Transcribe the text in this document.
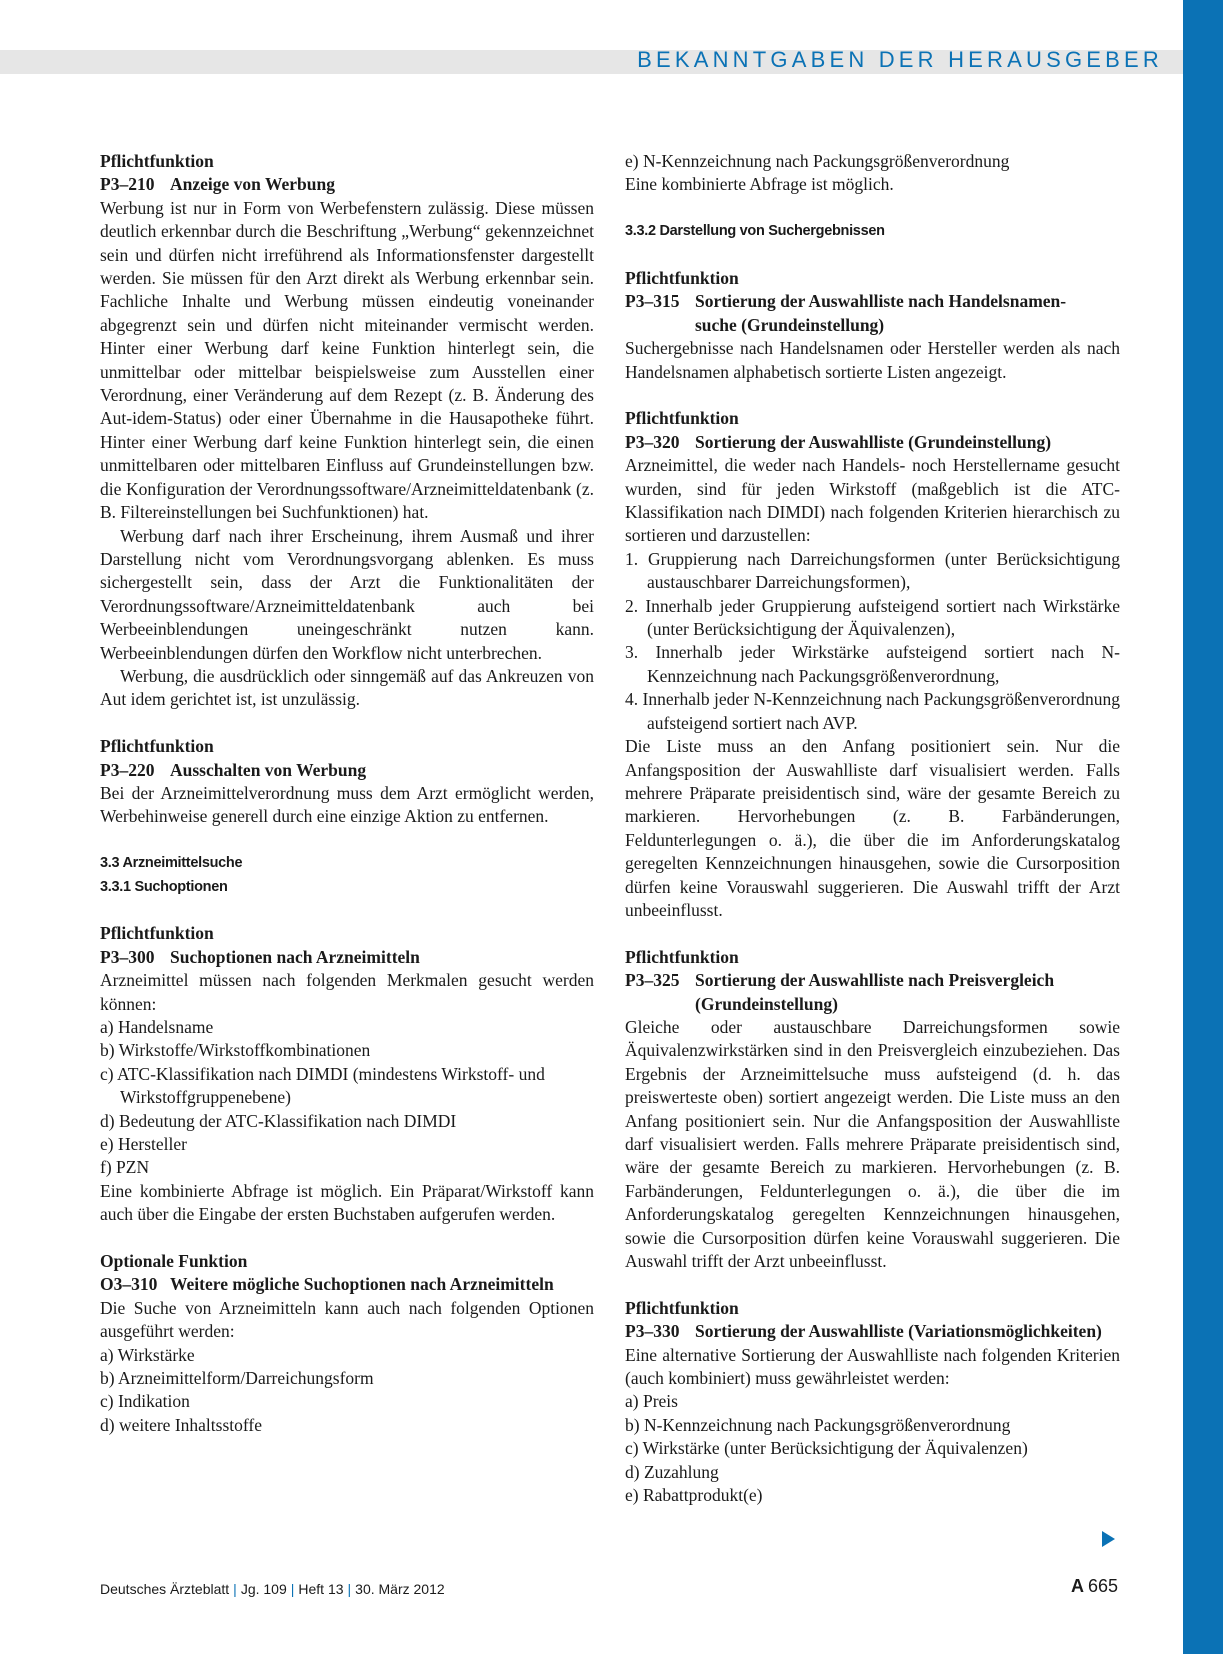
BEKANNTGABEN DER HERAUSGEBER
Pflichtfunktion
P3–210 Anzeige von Werbung

Werbung ist nur in Form von Werbefenstern zulässig. Diese müssen deutlich erkennbar durch die Beschriftung „Werbung“ gekennzeichnet sein und dürfen nicht irreführend als Informationsfenster dargestellt werden. Sie müssen für den Arzt direkt als Werbung erkennbar sein. Fachliche Inhalte und Werbung müssen eindeutig voneinander abgegrenzt sein und dürfen nicht miteinander vermischt werden. Hinter einer Werbung darf keine Funktion hinterlegt sein, die unmittelbar oder mittelbar beispielsweise zum Ausstellen einer Verordnung, einer Veränderung auf dem Rezept (z. B. Änderung des Aut-idem-Status) oder einer Übernahme in die Hausapotheke führt. Hinter einer Werbung darf keine Funktion hinterlegt sein, die einen unmittelbaren oder mittelbaren Einfluss auf Grundeinstellungen bzw. die Konfiguration der Verordnungssoftware/Arzneimitteldatenbank (z. B. Filtereinstellungen bei Suchfunktionen) hat.

Werbung darf nach ihrer Erscheinung, ihrem Ausmaß und ihrer Darstellung nicht vom Verordnungsvorgang ablenken. Es muss sichergestellt sein, dass der Arzt die Funktionalitäten der Verordnungssoftware/Arzneimitteldatenbank auch bei Werbeeinblendungen uneingeschränkt nutzen kann. Werbeeinblendungen dürfen den Workflow nicht unterbrechen.

Werbung, die ausdrücklich oder sinngemäß auf das Ankreuzen von Aut idem gerichtet ist, ist unzulässig.

Pflichtfunktion
P3–220 Ausschalten von Werbung

Bei der Arzneimittelverordnung muss dem Arzt ermöglicht werden, Werbehinweise generell durch eine einzige Aktion zu entfernen.

3.3 Arzneimittelsuche
3.3.1 Suchoptionen
Pflichtfunktion
P3–300 Suchoptionen nach Arzneimitteln

Arzneimittel müssen nach folgenden Merkmalen gesucht werden können:

a) Handelsname
b) Wirkstoffe/Wirkstoffkombinationen
c) ATC-Klassifikation nach DIMDI (mindestens Wirkstoff- und Wirkstoffgruppenebene)
d) Bedeutung der ATC-Klassifikation nach DIMDI
e) Hersteller
f) PZN

Eine kombinierte Abfrage ist möglich. Ein Präparat/Wirkstoff kann auch über die Eingabe der ersten Buchstaben aufgerufen werden.

Optionale Funktion
O3–310 Weitere mögliche Suchoptionen nach Arzneimitteln

Die Suche von Arzneimitteln kann auch nach folgenden Optionen ausgeführt werden:

a) Wirkstärke
b) Arzneimittelform/Darreichungsform
c) Indikation
d) weitere Inhaltsstoffe
e) N-Kennzeichnung nach Packungsgrößenverordnung

Eine kombinierte Abfrage ist möglich.

3.3.2 Darstellung von Suchergebnissen
Pflichtfunktion
P3–315 Sortierung der Auswahlliste nach Handelsnamen-
suche (Grundeinstellung)

Suchergebnisse nach Handelsnamen oder Hersteller werden als nach Handelsnamen alphabetisch sortierte Listen angezeigt.

Pflichtfunktion
P3–320 Sortierung der Auswahlliste (Grundeinstellung)

Arzneimittel, die weder nach Handels- noch Herstellername gesucht wurden, sind für jeden Wirkstoff (maßgeblich ist die ATC-Klassifikation nach DIMDI) nach folgenden Kriterien hierarchisch zu sortieren und darzustellen:

1. Gruppierung nach Darreichungsformen (unter Berücksichtigung austauschbarer Darreichungsformen),
2. Innerhalb jeder Gruppierung aufsteigend sortiert nach Wirkstärke (unter Berücksichtigung der Äquivalenzen),
3. Innerhalb jeder Wirkstärke aufsteigend sortiert nach N-Kennzeichnung nach Packungsgrößenverordnung,
4. Innerhalb jeder N-Kennzeichnung nach Packungsgrößenverordnung aufsteigend sortiert nach AVP.

Die Liste muss an den Anfang positioniert sein. Nur die Anfangsposition der Auswahlliste darf visualisiert werden. Falls mehrere Präparate preisidentisch sind, wäre der gesamte Bereich zu markieren. Hervorhebungen (z. B. Farbänderungen, Feldunterlegungen o. ä.), die über die im Anforderungskatalog geregelten Kennzeichnungen hinausgehen, sowie die Cursorposition dürfen keine Vorauswahl suggerieren. Die Auswahl trifft der Arzt unbeeinflusst.

Pflichtfunktion
P3–325 Sortierung der Auswahlliste nach Preisvergleich
(Grundeinstellung)

Gleiche oder austauschbare Darreichungsformen sowie Äquivalenzwirkstärken sind in den Preisvergleich einzubeziehen. Das Ergebnis der Arzneimittelsuche muss aufsteigend (d. h. das preiswerteste oben) sortiert angezeigt werden. Die Liste muss an den Anfang positioniert sein. Nur die Anfangsposition der Auswahlliste darf visualisiert werden. Falls mehrere Präparate preisidentisch sind, wäre der gesamte Bereich zu markieren. Hervorhebungen (z. B. Farbänderungen, Feldunterlegungen o. ä.), die über die im Anforderungskatalog geregelten Kennzeichnungen hinausgehen, sowie die Cursorposition dürfen keine Vorauswahl suggerieren. Die Auswahl trifft der Arzt unbeeinflusst.

Pflichtfunktion
P3–330 Sortierung der Auswahlliste (Variationsmöglichkeiten)

Eine alternative Sortierung der Auswahlliste nach folgenden Kriterien (auch kombiniert) muss gewährleistet werden:

a) Preis
b) N-Kennzeichnung nach Packungsgrößenverordnung
c) Wirkstärke (unter Berücksichtigung der Äquivalenzen)
d) Zuzahlung
e) Rabattprodukt(e)
Deutsches Ärzteblatt | Jg. 109 | Heft 13 | 30. März 2012	A 665
